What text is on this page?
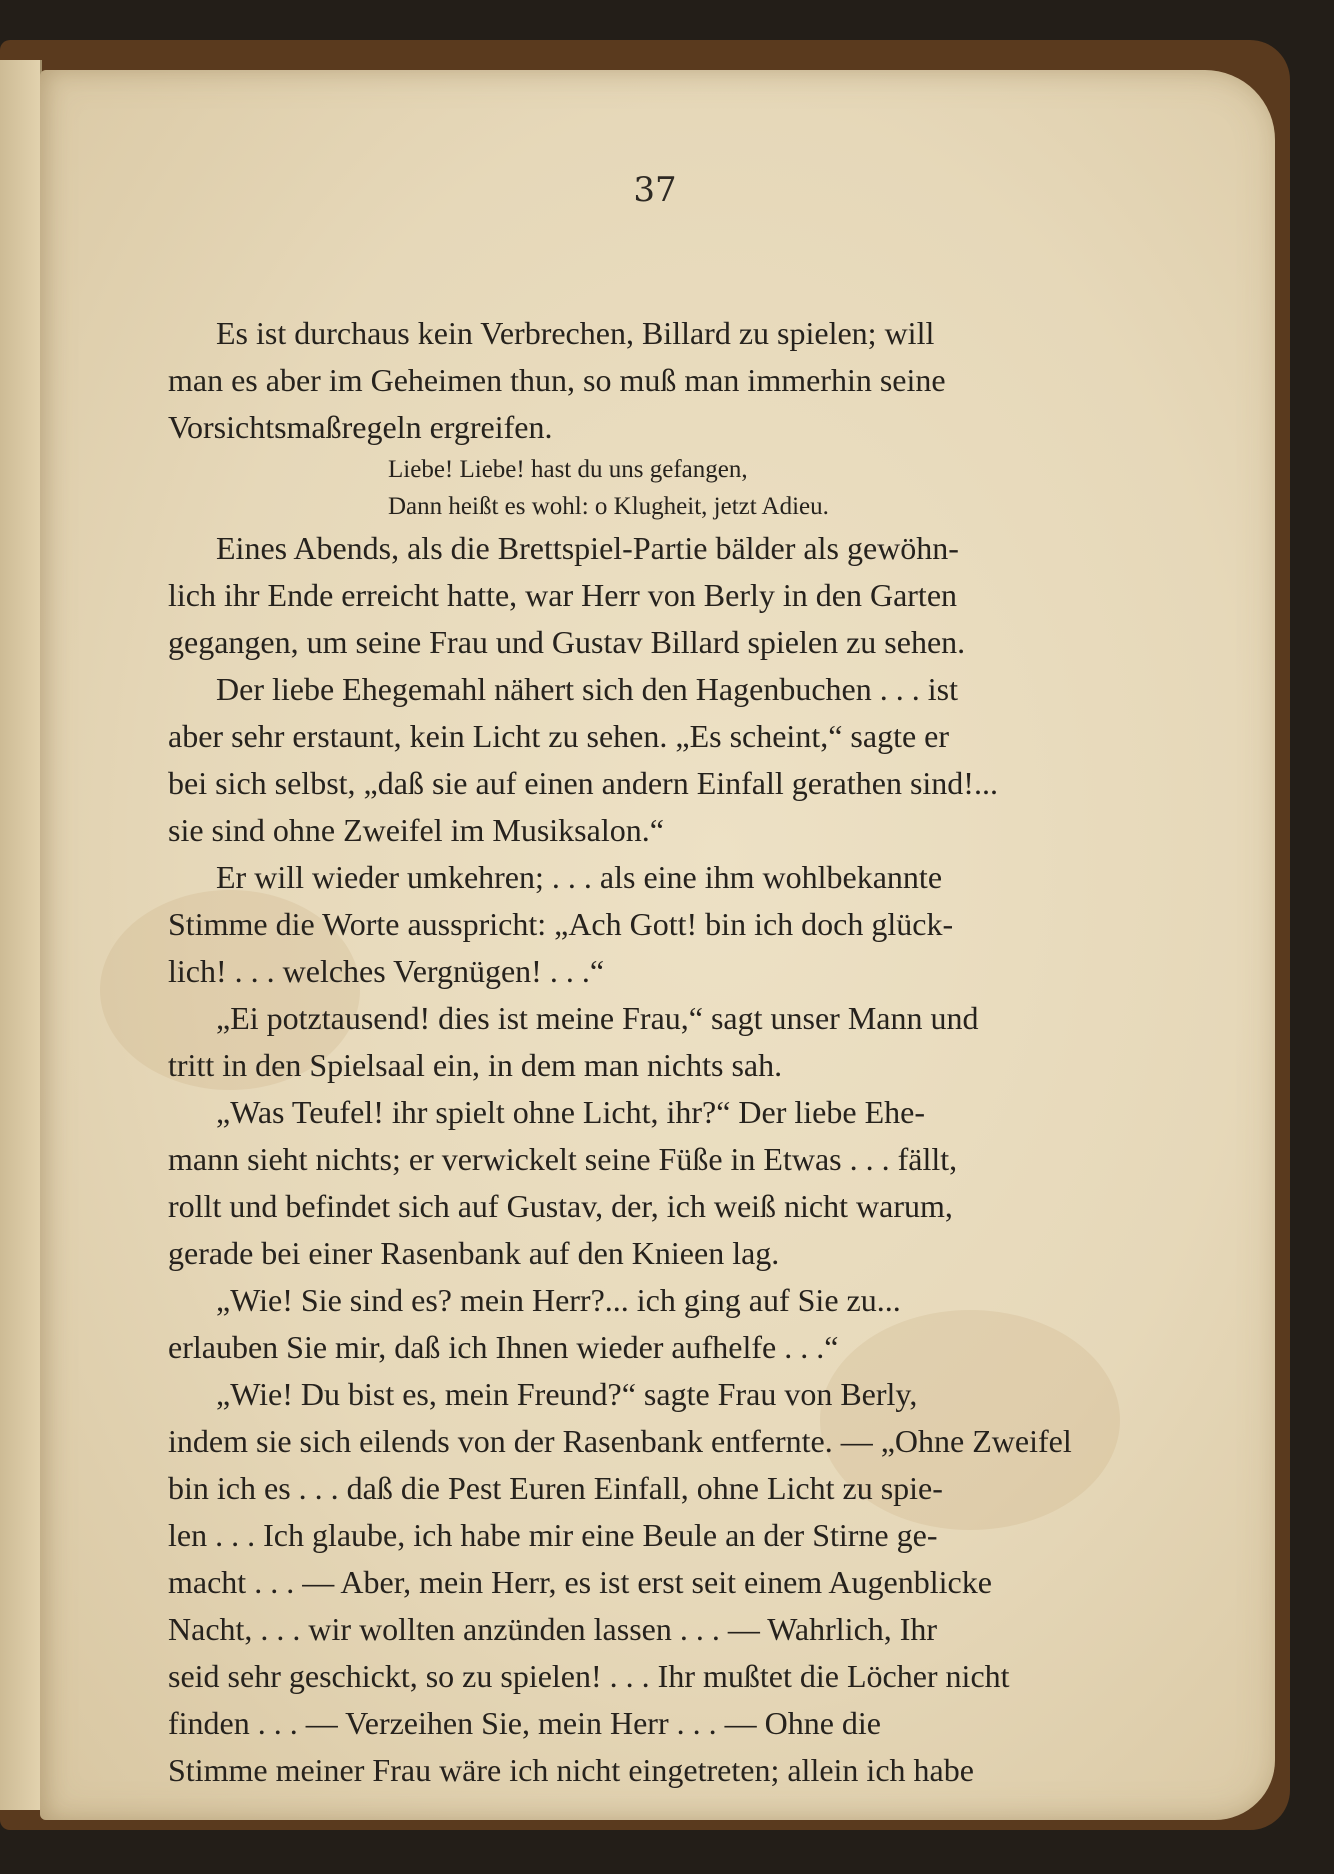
37
Es ist durchaus kein Verbrechen, Billard zu spielen; will
man es aber im Geheimen thun, so muß man immerhin seine
Vorsichtsmaßregeln ergreifen.
Liebe! Liebe! hast du uns gefangen,
Dann heißt es wohl: o Klugheit, jetzt Adieu.
Eines Abends, als die Brettspiel-Partie bälder als gewöhn-
lich ihr Ende erreicht hatte, war Herr von Berly in den Garten
gegangen, um seine Frau und Gustav Billard spielen zu sehen.
Der liebe Ehegemahl nähert sich den Hagenbuchen . . . ist
aber sehr erstaunt, kein Licht zu sehen. „Es scheint,“ sagte er
bei sich selbst, „daß sie auf einen andern Einfall gerathen sind!...
sie sind ohne Zweifel im Musiksalon.“
Er will wieder umkehren; . . . als eine ihm wohlbekannte
Stimme die Worte ausspricht: „Ach Gott! bin ich doch glück-
lich! . . . welches Vergnügen! . . .“
„Ei potztausend! dies ist meine Frau,“ sagt unser Mann und
tritt in den Spielsaal ein, in dem man nichts sah.
„Was Teufel! ihr spielt ohne Licht, ihr?“ Der liebe Ehe-
mann sieht nichts; er verwickelt seine Füße in Etwas . . . fällt,
rollt und befindet sich auf Gustav, der, ich weiß nicht warum,
gerade bei einer Rasenbank auf den Knieen lag.
„Wie! Sie sind es? mein Herr?... ich ging auf Sie zu...
erlauben Sie mir, daß ich Ihnen wieder aufhelfe . . .“
„Wie! Du bist es, mein Freund?“ sagte Frau von Berly,
indem sie sich eilends von der Rasenbank entfernte. — „Ohne Zweifel
bin ich es . . . daß die Pest Euren Einfall, ohne Licht zu spie-
len . . . Ich glaube, ich habe mir eine Beule an der Stirne ge-
macht . . . — Aber, mein Herr, es ist erst seit einem Augenblicke
Nacht, . . . wir wollten anzünden lassen . . . — Wahrlich, Ihr
seid sehr geschickt, so zu spielen! . . . Ihr mußtet die Löcher nicht
finden . . . — Verzeihen Sie, mein Herr . . . — Ohne die
Stimme meiner Frau wäre ich nicht eingetreten; allein ich habe
